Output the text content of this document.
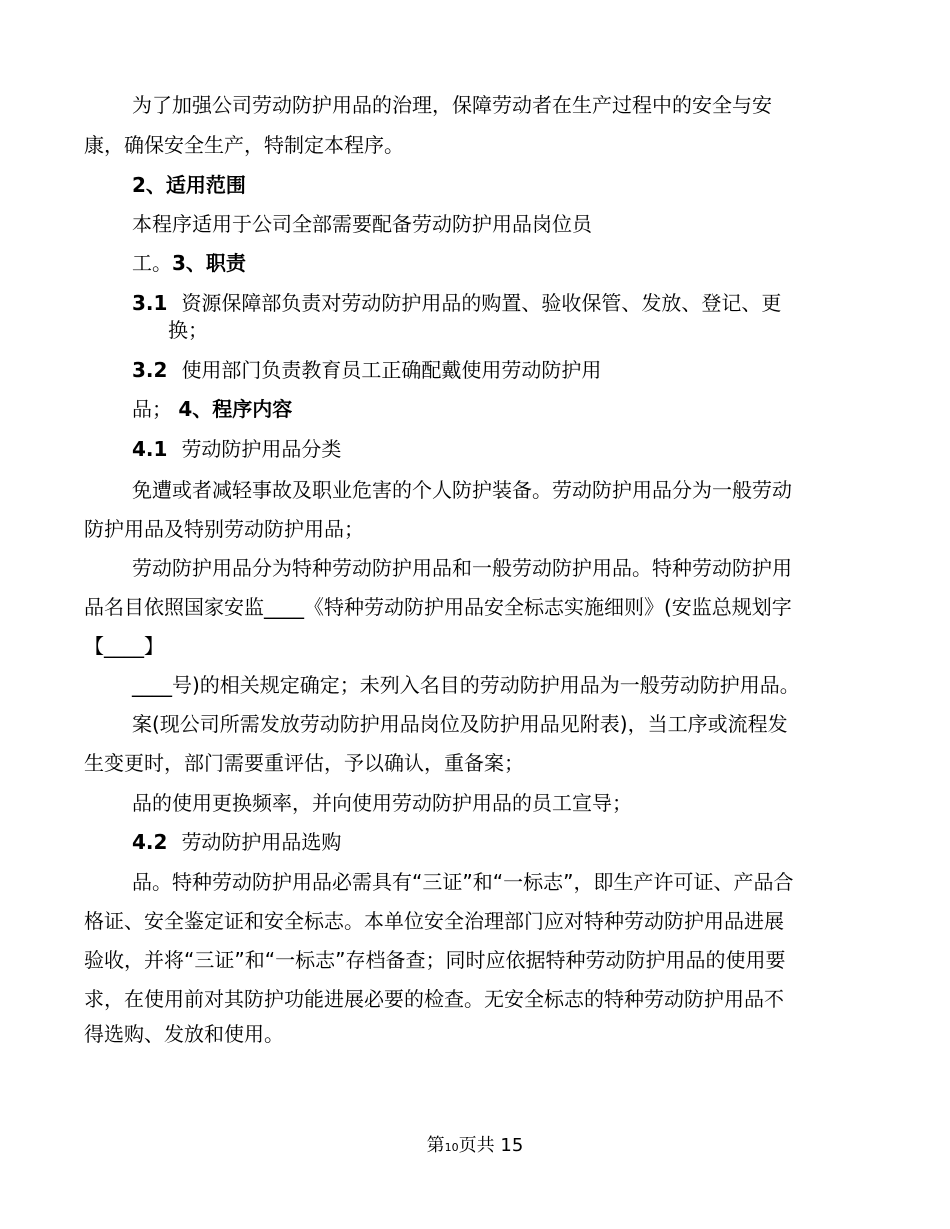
为了加强公司劳动防护用品的治理，保障劳动者在生产过程中的安全与安
康，确保安全生产，特制定本程序。
2、适用范围
本程序适用于公司全部需要配备劳动防护用品岗位员
工。3、职责
3.1 资源保障部负责对劳动防护用品的购置、验收保管、发放、登记、更
换；
3.2 使用部门负责教育员工正确配戴使用劳动防护用
品； 4、程序内容
4.1 劳动防护用品分类
免遭或者减轻事故及职业危害的个人防护装备。劳动防护用品分为一般劳动
防护用品及特别劳动防护用品；
劳动防护用品分为特种劳动防护用品和一般劳动防护用品。特种劳动防护用
品名目依照国家安监____《特种劳动防护用品安全标志实施细则》(安监总规划字
【____】
____号)的相关规定确定；未列入名目的劳动防护用品为一般劳动防护用品。
案(现公司所需发放劳动防护用品岗位及防护用品见附表)，当工序或流程发
生变更时，部门需要重评估，予以确认，重备案；
品的使用更换频率，并向使用劳动防护用品的员工宣导；
4.2 劳动防护用品选购
品。特种劳动防护用品必需具有“三证”和“一标志”，即生产许可证、产品合
格证、安全鉴定证和安全标志。本单位安全治理部门应对特种劳动防护用品进展
验收，并将“三证”和“一标志”存档备查；同时应依据特种劳动防护用品的使用要
求，在使用前对其防护功能进展必要的检查。无安全标志的特种劳动防护用品不
得选购、发放和使用。
第10页共 15
